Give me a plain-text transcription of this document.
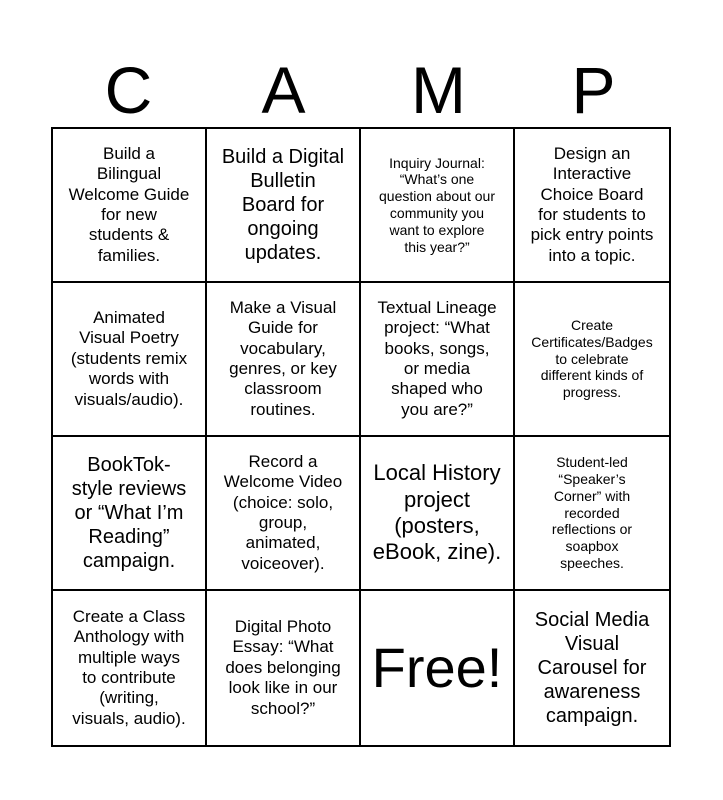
C	A	M	P
Build a
Bilingual
Welcome Guide
for new
students &
families.
Build a Digital
Bulletin
Board for
ongoing
updates.
Inquiry Journal:
“What’s one
question about our
community you
want to explore
this year?”
Design an
Interactive
Choice Board
for students to
pick entry points
into a topic.
Animated
Visual Poetry
(students remix
words with
visuals/audio).
Make a Visual
Guide for
vocabulary,
genres, or key
classroom
routines.
Textual Lineage
project: “What
books, songs,
or media
shaped who
you are?”
Create
Certificates/Badges
to celebrate
different kinds of
progress.
BookTok-
style reviews
or “What I’m
Reading”
campaign.
Record a
Welcome Video
(choice: solo,
group,
animated,
voiceover).
Local History
project
(posters,
eBook, zine).
Student-led
“Speaker’s
Corner” with
recorded
reflections or
soapbox
speeches.
Create a Class
Anthology with
multiple ways
to contribute
(writing,
visuals, audio).
Digital Photo
Essay: “What
does belonging
look like in our
school?”
Free!
Social Media
Visual
Carousel for
awareness
campaign.
